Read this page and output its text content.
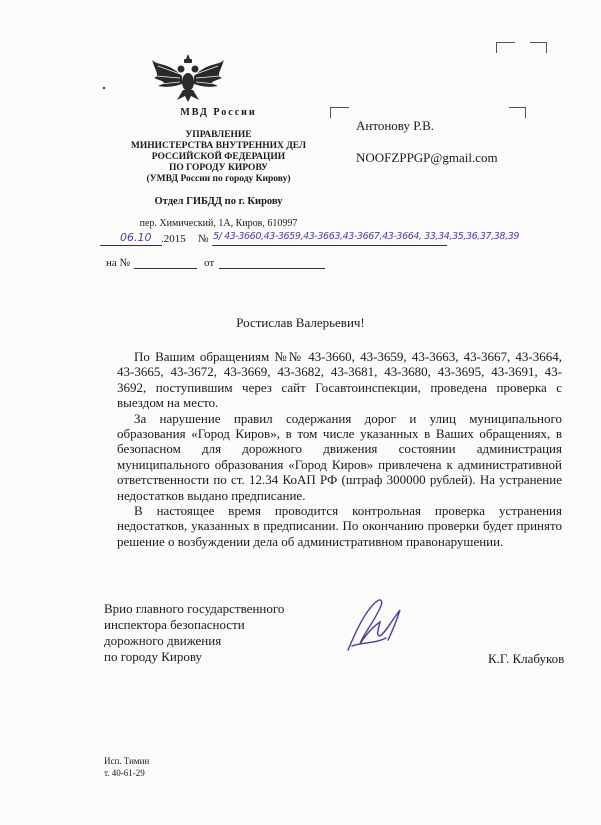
МВД России
УПРАВЛЕНИЕ
МИНИСТЕРСТВА ВНУТРЕННИХ ДЕЛ
РОССИЙСКОЙ ФЕДЕРАЦИИ
ПО ГОРОДУ КИРОВУ
(УМВД России по городу Кирову)
Отдел ГИБДД по г. Кирову
пер. Химический, 1А, Киров, 610997
06.10 .2015 № 5/ 43-3660,43-3659,43-3663,43-3667,43-3664, 33,34,35,36,37,38,39
на №	от
Антонову Р.В.
NOOFZPPGP@gmail.com
Ростислав Валерьевич!

По Вашим обращениям №№ 43-3660, 43-3659, 43-3663, 43-3667, 43-3664, 43-3665, 43-3672, 43-3669, 43-3682, 43-3681, 43-3680, 43-3695, 43-3691, 43-3692, поступившим через сайт Госавтоинспекции, проведена проверка с выездом на место.

За нарушение правил содержания дорог и улиц муниципального образования «Город Киров», в том числе указанных в Ваших обращениях, в безопасном для дорожного движения состоянии администрация муниципального образования «Город Киров» привлечена к административной ответственности по ст. 12.34 КоАП РФ (штраф 300000 рублей). На устранение недостатков выдано предписание.

В настоящее время проводится контрольная проверка устранения недостатков, указанных в предписании. По окончанию проверки будет принято решение о возбуждении дела об административном правонарушении.

Врио главного государственного
инспектора безопасности
дорожного движения
по городу Кирову	К.Г. Клабуков
Исп. Тимин
т. 40-61-29
